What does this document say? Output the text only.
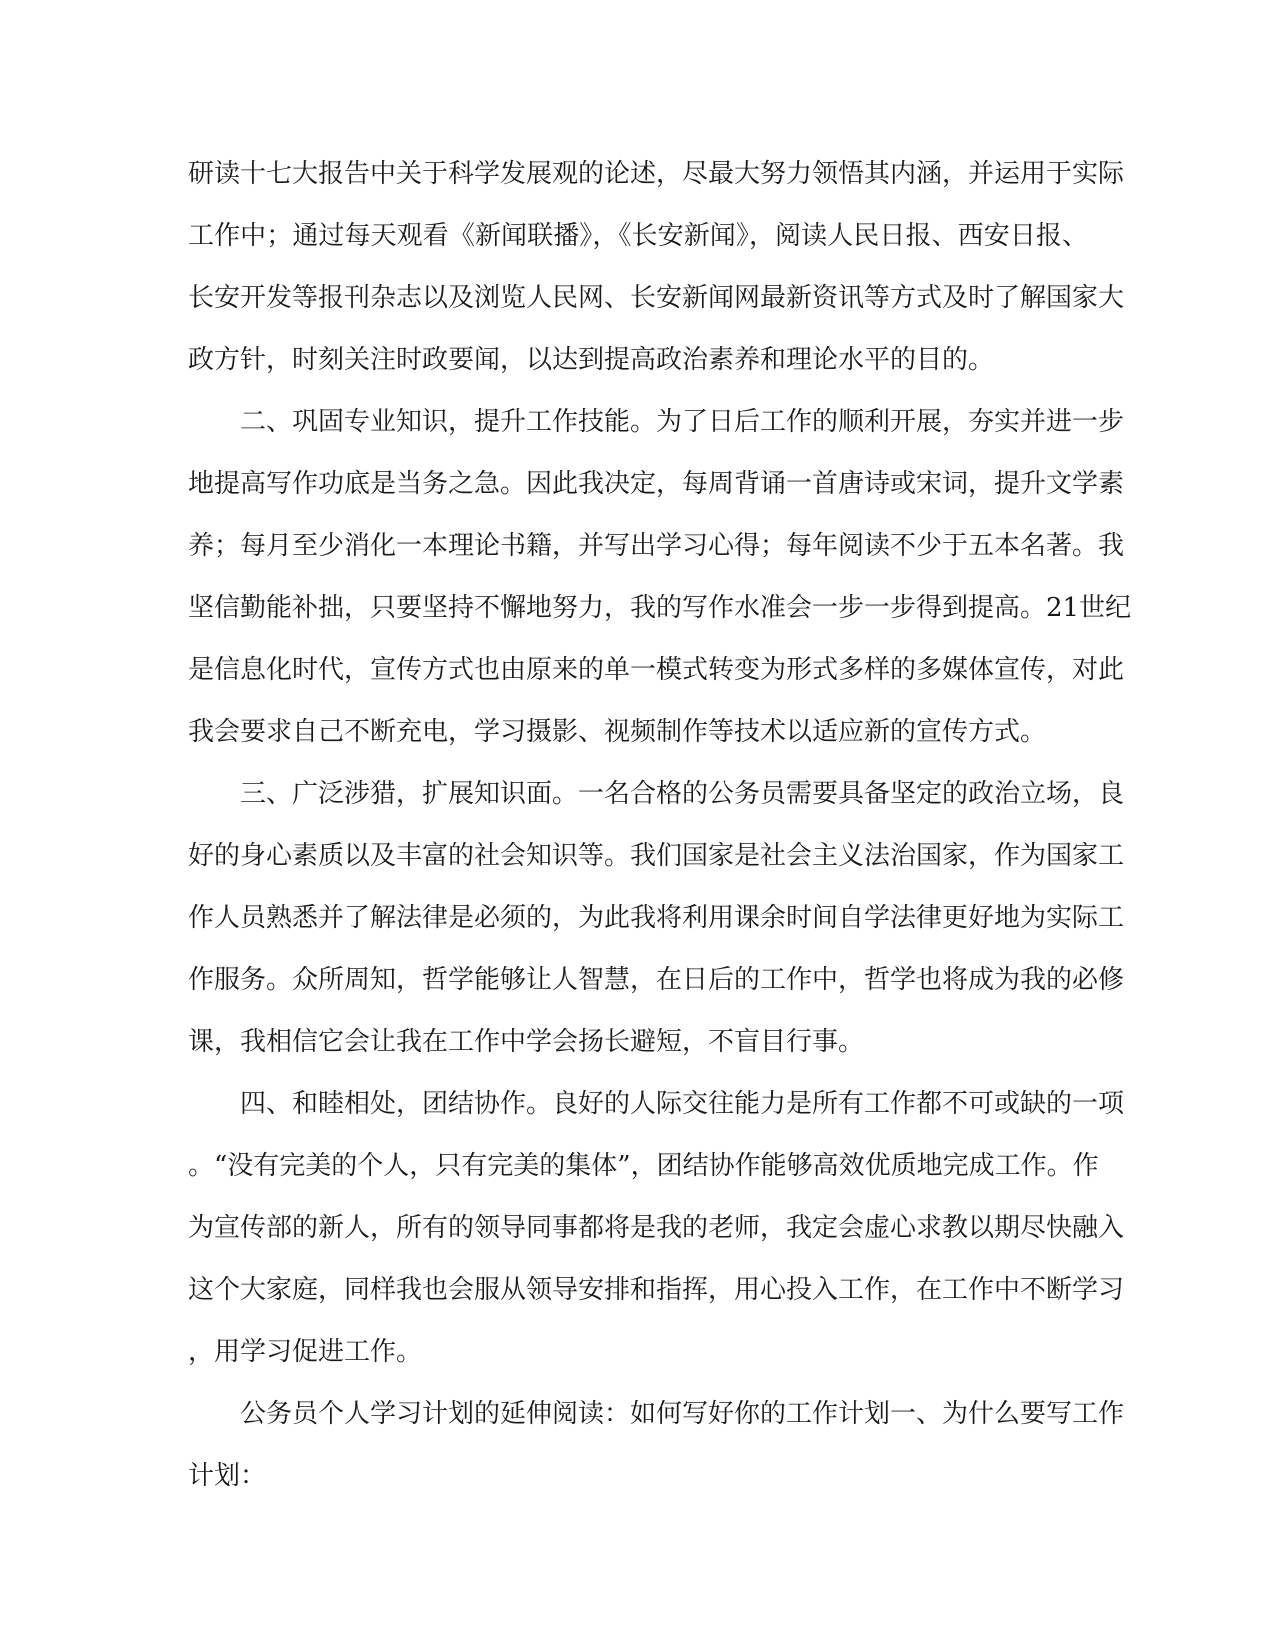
研读十七大报告中关于科学发展观的论述，尽最大努力领悟其内涵，并运用于实际
工作中；通过每天观看《新闻联播》，《长安新闻》，阅读人民日报、西安日报、
长安开发等报刊杂志以及浏览人民网、长安新闻网最新资讯等方式及时了解国家大
政方针，时刻关注时政要闻，以达到提高政治素养和理论水平的目的。
二、巩固专业知识，提升工作技能。为了日后工作的顺利开展，夯实并进一步
地提高写作功底是当务之急。因此我决定，每周背诵一首唐诗或宋词，提升文学素
养；每月至少消化一本理论书籍，并写出学习心得；每年阅读不少于五本名著。我
坚信勤能补拙，只要坚持不懈地努力，我的写作水准会一步一步得到提高。21世纪
是信息化时代，宣传方式也由原来的单一模式转变为形式多样的多媒体宣传，对此
我会要求自己不断充电，学习摄影、视频制作等技术以适应新的宣传方式。
三、广泛涉猎，扩展知识面。一名合格的公务员需要具备坚定的政治立场，良
好的身心素质以及丰富的社会知识等。我们国家是社会主义法治国家，作为国家工
作人员熟悉并了解法律是必须的，为此我将利用课余时间自学法律更好地为实际工
作服务。众所周知，哲学能够让人智慧，在日后的工作中，哲学也将成为我的必修
课，我相信它会让我在工作中学会扬长避短，不盲目行事。
四、和睦相处，团结协作。良好的人际交往能力是所有工作都不可或缺的一项
。“没有完美的个人，只有完美的集体”，团结协作能够高效优质地完成工作。作
为宣传部的新人，所有的领导同事都将是我的老师，我定会虚心求教以期尽快融入
这个大家庭，同样我也会服从领导安排和指挥，用心投入工作，在工作中不断学习
，用学习促进工作。
公务员个人学习计划的延伸阅读：如何写好你的工作计划一、为什么要写工作
计划：
